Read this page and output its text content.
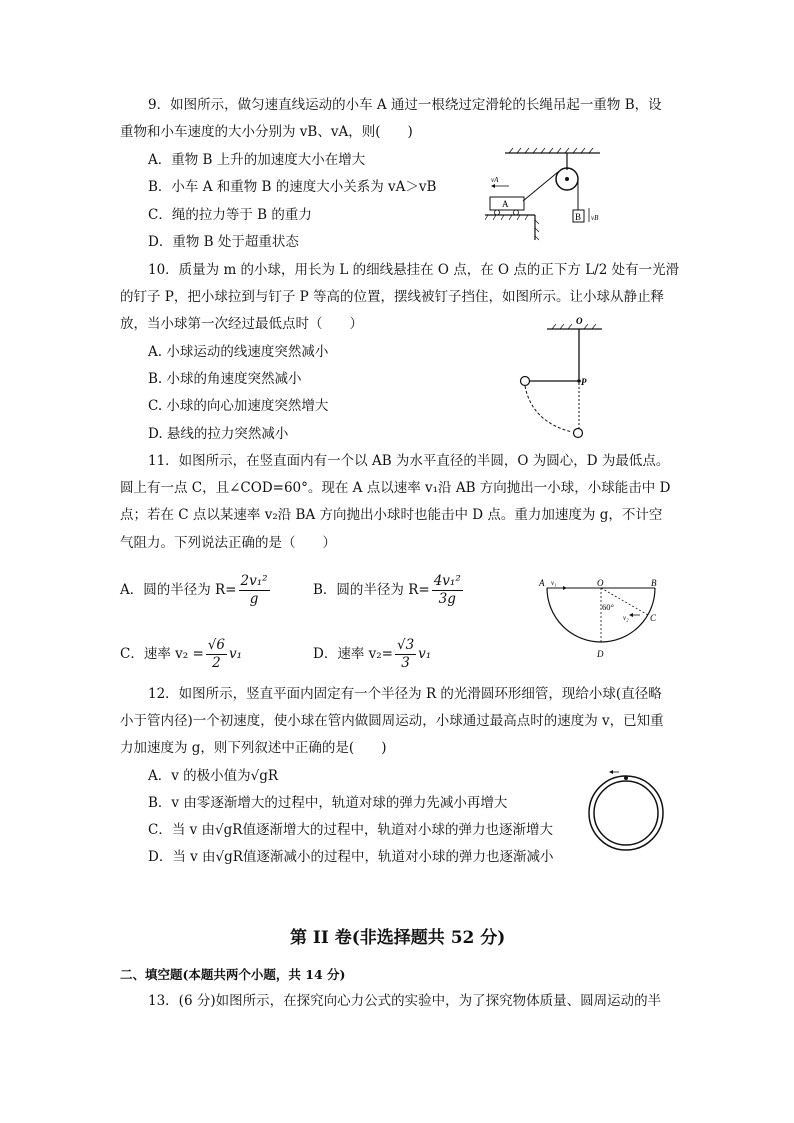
9．如图所示，做匀速直线运动的小车 A 通过一根绕过定滑轮的长绳吊起一重物 B，设
重物和小车速度的大小分别为 vB、vA，则(　　)
A．重物 B 上升的加速度大小在增大
B．小车 A 和重物 B 的速度大小关系为 vA＞vB
C．绳的拉力等于 B 的重力
D．重物 B 处于超重状态
B vB
A
vA
10．质量为 m 的小球，用长为 L 的细线悬挂在 O 点，在 O 点的正下方 L/2 处有一光滑
的钉子 P，把小球拉到与钉子 P 等高的位置，摆线被钉子挡住，如图所示。让小球从静止释
放，当小球第一次经过最低点时（　　）
A. 小球运动的线速度突然减小
B. 小球的角速度突然减小
C. 小球的向心加速度突然增大
D. 悬线的拉力突然减小
O
P
11．如图所示，在竖直面内有一个以 AB 为水平直径的半圆，O 为圆心，D 为最低点。
圆上有一点 C，且∠COD=60°。现在 A 点以速率 v₁沿 AB 方向抛出一小球，小球能击中 D
点；若在 C 点以某速率 v₂沿 BA 方向抛出小球时也能击中 D 点。重力加速度为 g，不计空
气阻力。下列说法正确的是（　　）
A．圆的半径为 $R= \frac{\text{2v₁²}}{g}$	B．圆的半径为 $R= \frac{\text{4v₁²}}{3g}$
C．速率 $v_2 = \frac{√6}{2} v_1$	D．速率 $v_2= \frac{√3}{3} v_1$
A v₁	O	B
60°
v₂ C
D
12．如图所示，竖直平面内固定有一个半径为 R 的光滑圆环形细管，现给小球(直径略
小于管内径)一个初速度，使小球在管内做圆周运动，小球通过最高点时的速度为 v，已知重
力加速度为 g，则下列叙述中正确的是(　　)
A．v 的极小值为√gR
B．v 由零逐渐增大的过程中，轨道对球的弹力先减小再增大
C．当 v 由√gR值逐渐增大的过程中，轨道对小球的弹力也逐渐增大
D．当 v 由√gR值逐渐减小的过程中，轨道对小球的弹力也逐渐减小
第 II 卷(非选择题共 52 分)
二、填空题(本题共两个小题，共 14 分)
13．(6 分)如图所示，在探究向心力公式的实验中，为了探究物体质量、圆周运动的半
